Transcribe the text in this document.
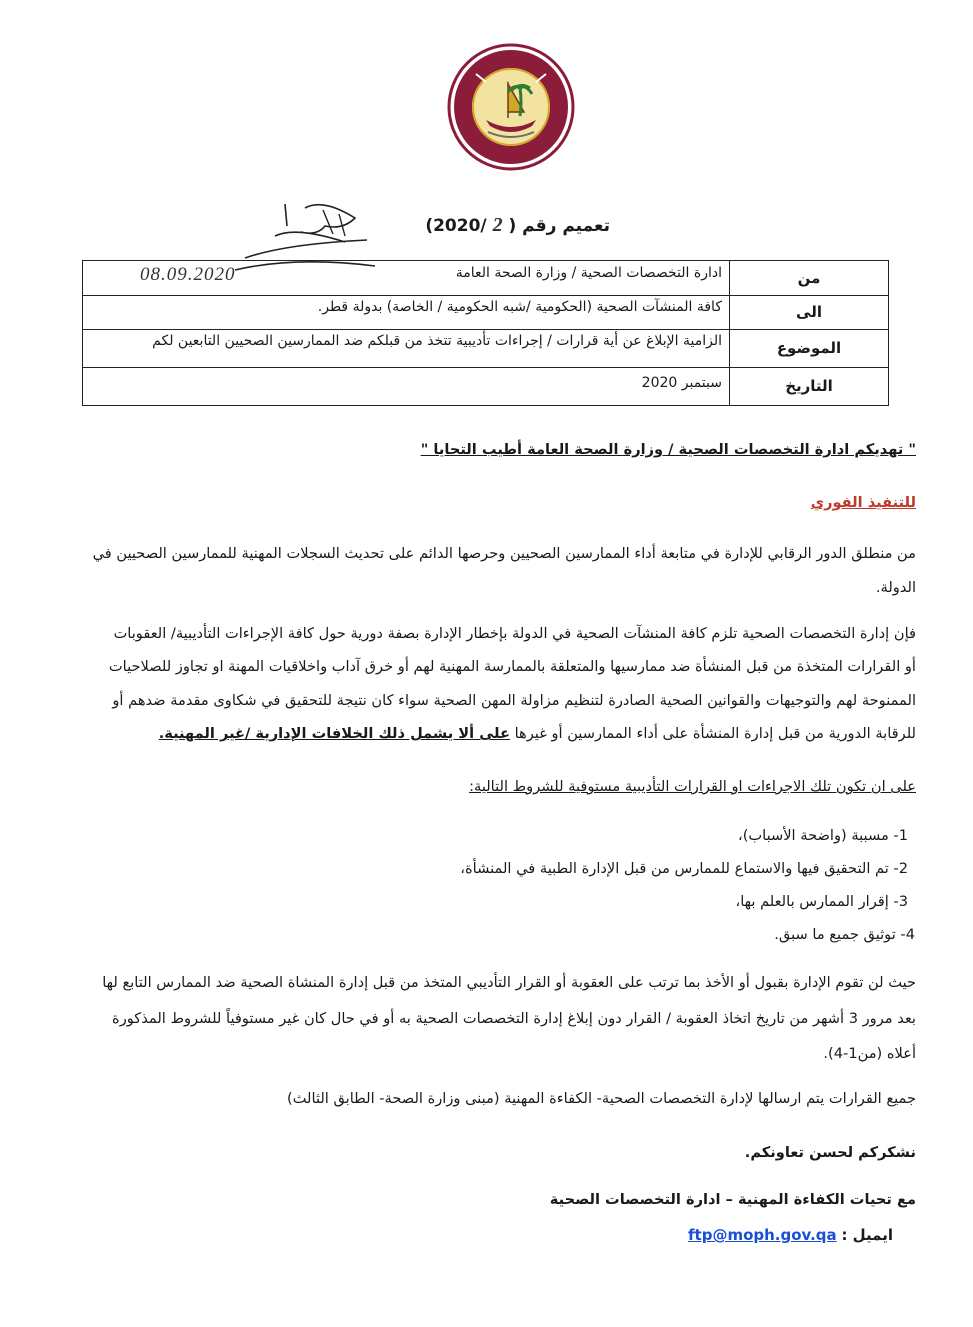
تعميم رقم ( 2 /2020)
من
ادارة التخصصات الصحية / وزارة الصحة العامة
الى
كافة المنشآت الصحية (الحكومية /شبه الحكومية / الخاصة) بدولة قطر.
الموضوع
الزامية الإبلاغ عن أية قرارات / إجراءات تأديبية تتخذ من قبلكم ضد الممارسين الصحيين التابعين لكم
التاريخ
سبتمبر 2020
08.09.2020
" تهديكم ادارة التخصصات الصحية / وزارة الصحة العامة أطيب التحايا "
للتنفيذ الفوري
من منطلق الدور الرقابي للإدارة في متابعة أداء الممارسين الصحيين وحرصها الدائم على تحديث السجلات المهنية للممارسين الصحيين في
الدولة.
فإن إدارة التخصصات الصحية تلزم كافة المنشآت الصحية في الدولة بإخطار الإدارة بصفة دورية حول كافة الإجراءات التأديبية/ العقوبات
أو القرارات المتخذة من قبل المنشأة ضد ممارسيها والمتعلقة بالممارسة المهنية لهم أو خرق آداب واخلاقيات المهنة او تجاوز للصلاحيات
الممنوحة لهم والتوجيهات والقوانين الصحية الصادرة لتنظيم مزاولة المهن الصحية سواء كان نتيجة للتحقيق في شكاوى مقدمة ضدهم أو
للرقابة الدورية من قبل إدارة المنشأة على أداء الممارسين أو غيرها على ألا يشمل ذلك الخلافات الإدارية /غير المهنية.
على ان تكون تلك الاجراءات او القرارات التأديبية مستوفية للشروط التالية:
1- مسببة (واضحة الأسباب)،
2- تم التحقيق فيها والاستماع للممارس من قبل الإدارة الطبية في المنشأة،
3- إقرار الممارس بالعلم بها،
4- توثيق جميع ما سبق.
حيث لن تقوم الإدارة بقبول أو الأخذ بما ترتب على العقوبة أو القرار التأديبي المتخذ من قبل إدارة المنشاة الصحية ضد الممارس التابع لها
بعد مرور 3 أشهر من تاريخ اتخاذ العقوبة / القرار دون إبلاغ إدارة التخصصات الصحية به أو في حال كان غير مستوفياً للشروط المذكورة
أعلاه (من1-4).
جميع القرارات يتم ارسالها لإدارة التخصصات الصحية- الكفاءة المهنية (مبنى وزارة الصحة- الطابق الثالث)
نشكركم لحسن تعاونكم.
مع تحيات الكفاءة المهنية – ادارة التخصصات الصحية
ايميل : ftp@moph.gov.qa
